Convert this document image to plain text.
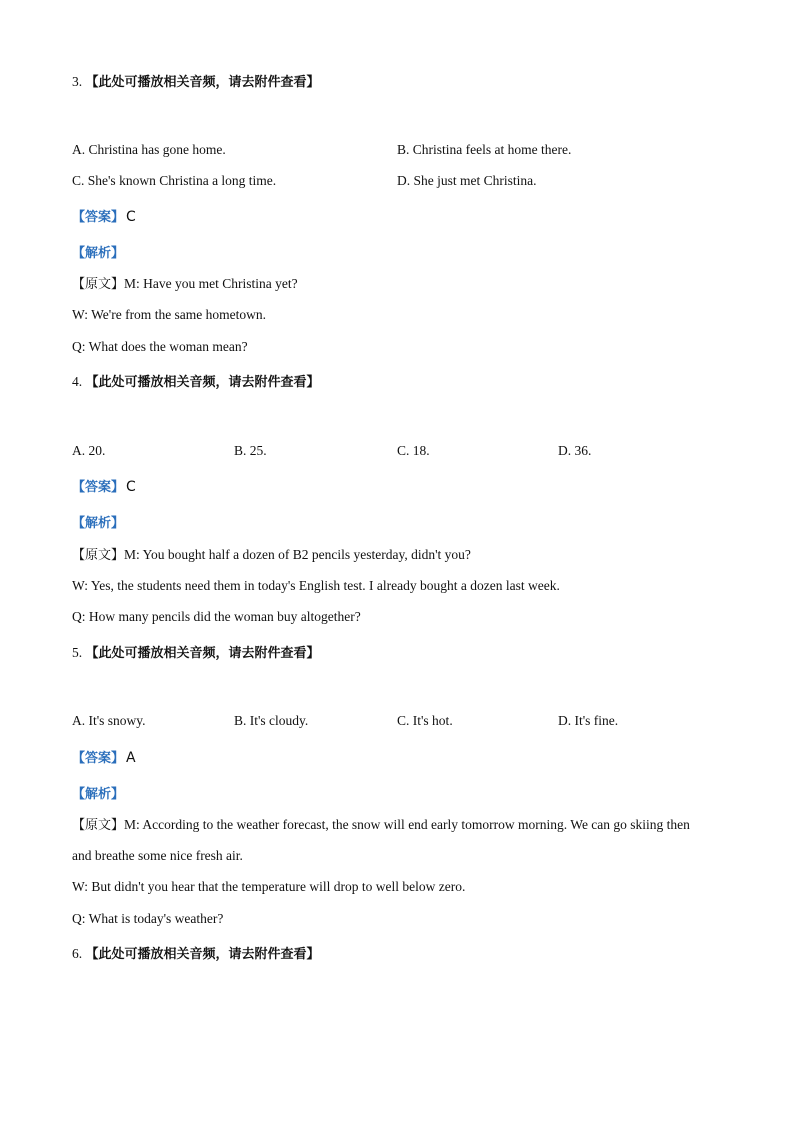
3. 【此处可播放相关音频，请去附件查看】
A. Christina has gone home.	B. Christina feels at home there.
C. She's known Christina a long time.	D. She just met Christina.
【答案】 C
【解析】
【原文】M: Have you met Christina yet?
W: We're from the same hometown.
Q: What does the woman mean?
4. 【此处可播放相关音频，请去附件查看】
A. 20.	B. 25.	C. 18.	D. 36.
【答案】 C
【解析】
【原文】M: You bought half a dozen of B2 pencils yesterday, didn't you?
W: Yes, the students need them in today's English test. I already bought a dozen last week.
Q: How many pencils did the woman buy altogether?
5. 【此处可播放相关音频，请去附件查看】
A. It's snowy.	B. It's cloudy.	C. It's hot.	D. It's fine.
【答案】 A
【解析】
【原文】M: According to the weather forecast, the snow will end early tomorrow morning. We can go skiing then
and breathe some nice fresh air.
W: But didn't you hear that the temperature will drop to well below zero.
Q: What is today's weather?
6. 【此处可播放相关音频，请去附件查看】
